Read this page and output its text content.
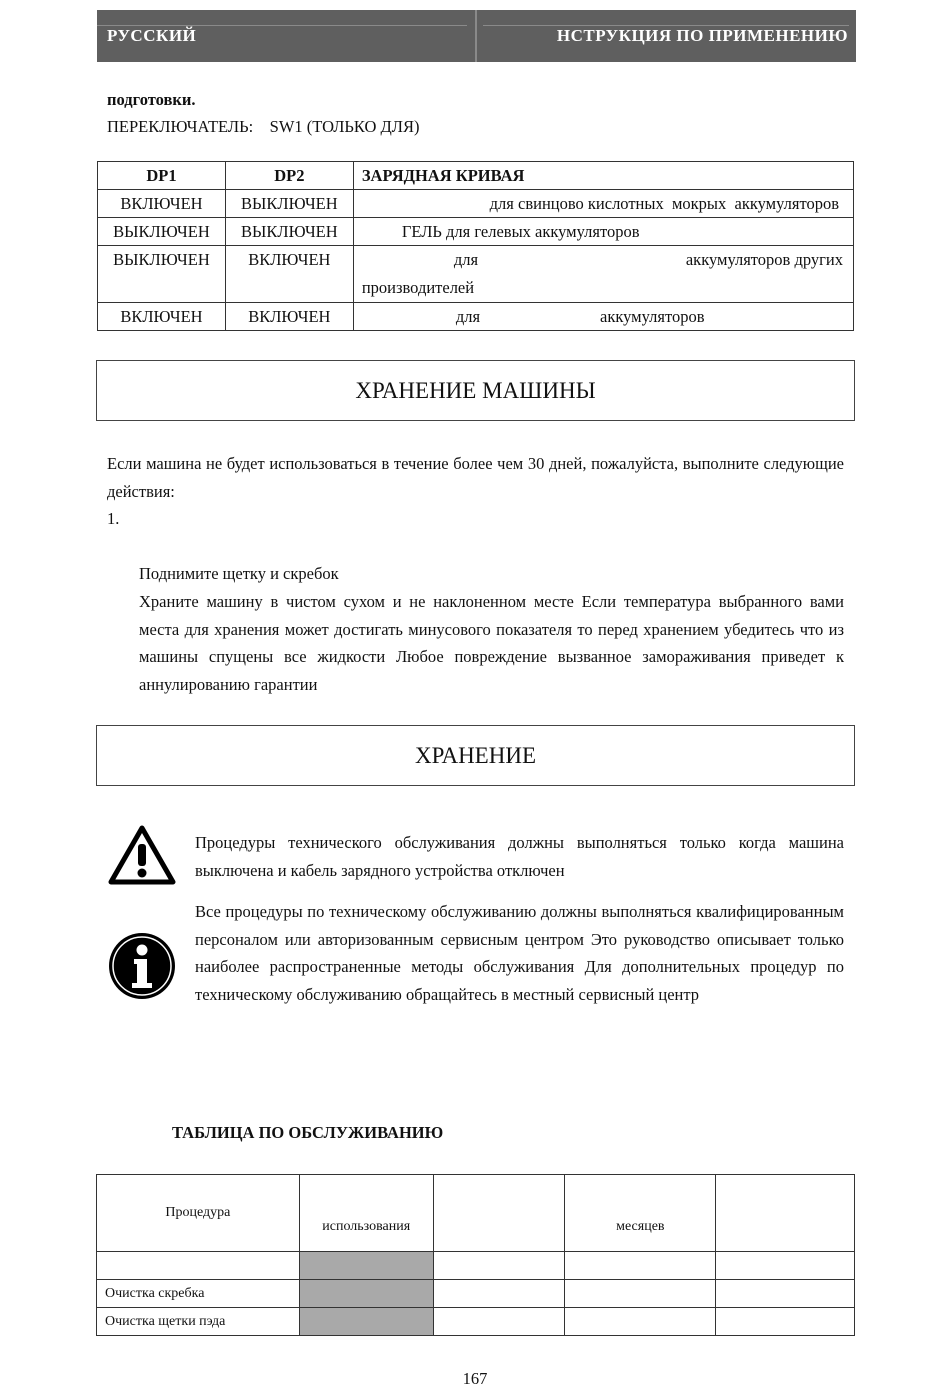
РУССКИЙ	НСТРУКЦИЯ ПО ПРИМЕНЕНИЮ
подготовки.
ПЕРЕКЛЮЧАТЕЛЬ:    SW1 (ТОЛЬКО ДЛЯ)
DP1	DP2	ЗАРЯДНАЯ КРИВАЯ
ВКЛЮЧЕН	ВЫКЛЮЧЕН	для свинцово кислотных  мокрых  аккумуляторов
ВЫКЛЮЧЕН	ВЫКЛЮЧЕН	ГЕЛЬ для гелевых аккумуляторов
ВЫКЛЮЧЕН	ВКЛЮЧЕН	для аккумуляторов других
производителей

ВКЛЮЧЕН	ВКЛЮЧЕН	для аккумуляторов
ХРАНЕНИЕ МАШИНЫ
Если машина не будет использоваться в течение более чем 30 дней, пожалуйста, выполните следующие действия:
1.
Поднимите щетку и скребок
Храните машину в чистом сухом и не наклоненном месте Если температура выбранного вами места для хранения может достигать минусового показателя то перед хранением убедитесь что из машины спущены все жидкости Любое повреждение вызванное замораживания приведет к аннулированию гарантии
ХРАНЕНИЕ
Процедуры технического обслуживания должны выполняться только когда машина выключена и кабель зарядного устройства отключен
Все процедуры по техническому обслуживанию должны выполняться квалифицированным персоналом или авторизованным сервисным центром Это руководство описывает только наиболее распространенные методы обслуживания Для дополнительных процедур по техническому обслуживанию обращайтесь в местный сервисный центр
ТАБЛИЦА ПО ОБСЛУЖИВАНИЮ
Процедура	использования		месяцев	

Очистка скребка				
Очистка щетки пэда				
167
